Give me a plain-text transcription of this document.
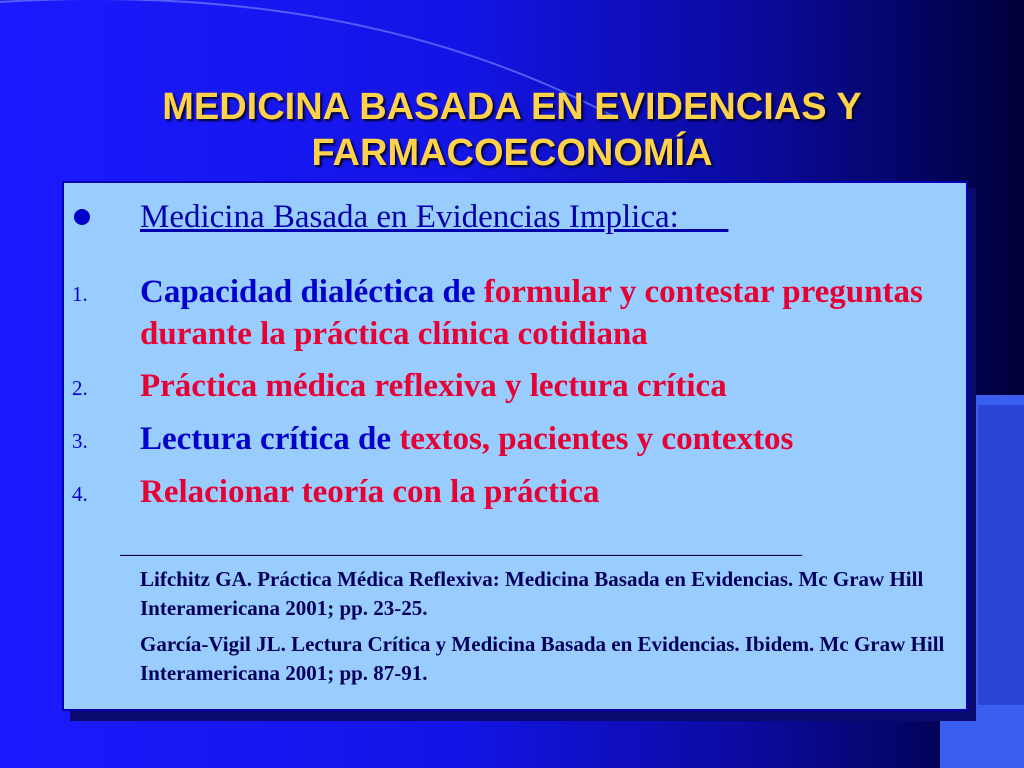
MEDICINA BASADA EN EVIDENCIAS Y
FARMACOECONOMÍA
Medicina Basada en Evidencias Implica:___
1. Capacidad dialéctica de formular y contestar preguntas durante la práctica clínica cotidiana
2. Práctica médica reflexiva y lectura crítica
3. Lectura crítica de textos, pacientes y contextos
4. Relacionar teoría con la práctica
______________________________________________________________
Lifchitz GA. Práctica Médica Reflexiva: Medicina Basada en Evidencias. Mc Graw Hill Interamericana 2001; pp. 23-25.
García-Vigil JL. Lectura Crítica y Medicina Basada en Evidencias. Ibidem. Mc Graw Hill Interamericana 2001; pp. 87-91.
